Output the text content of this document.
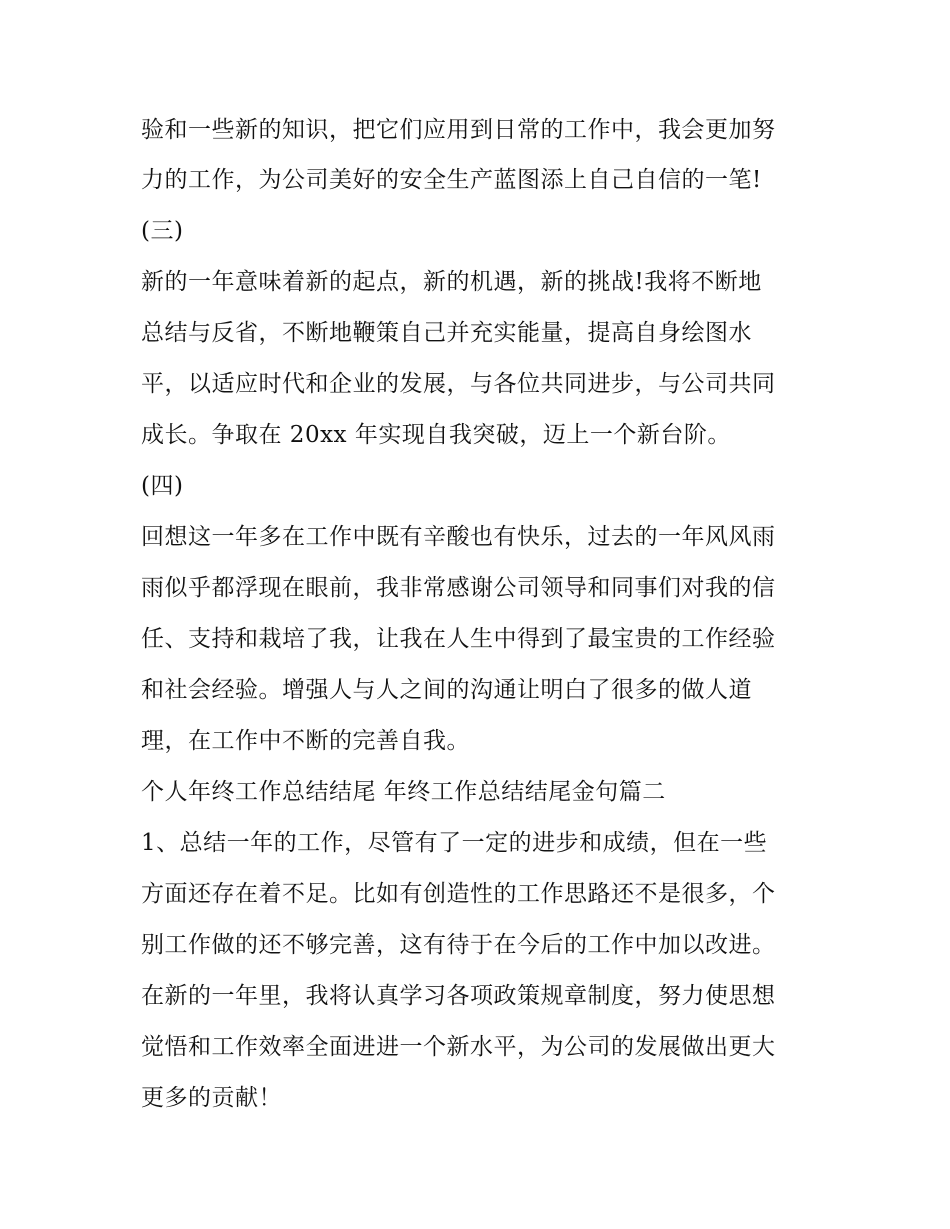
验和一些新的知识，把它们应用到日常的工作中，我会更加努
力的工作，为公司美好的安全生产蓝图添上自己自信的一笔!
(三)
新的一年意味着新的起点，新的机遇，新的挑战!我将不断地
总结与反省，不断地鞭策自己并充实能量，提高自身绘图水
平，以适应时代和企业的发展，与各位共同进步，与公司共同
成长。争取在 20xx 年实现自我突破，迈上一个新台阶。
(四)
回想这一年多在工作中既有辛酸也有快乐，过去的一年风风雨
雨似乎都浮现在眼前，我非常感谢公司领导和同事们对我的信
任、支持和栽培了我，让我在人生中得到了最宝贵的工作经验
和社会经验。增强人与人之间的沟通让明白了很多的做人道
理，在工作中不断的完善自我。
个人年终工作总结结尾 年终工作总结结尾金句篇二
1、总结一年的工作，尽管有了一定的进步和成绩，但在一些
方面还存在着不足。比如有创造性的工作思路还不是很多，个
别工作做的还不够完善，这有待于在今后的工作中加以改进。
在新的一年里，我将认真学习各项政策规章制度，努力使思想
觉悟和工作效率全面进进一个新水平，为公司的发展做出更大
更多的贡献！
